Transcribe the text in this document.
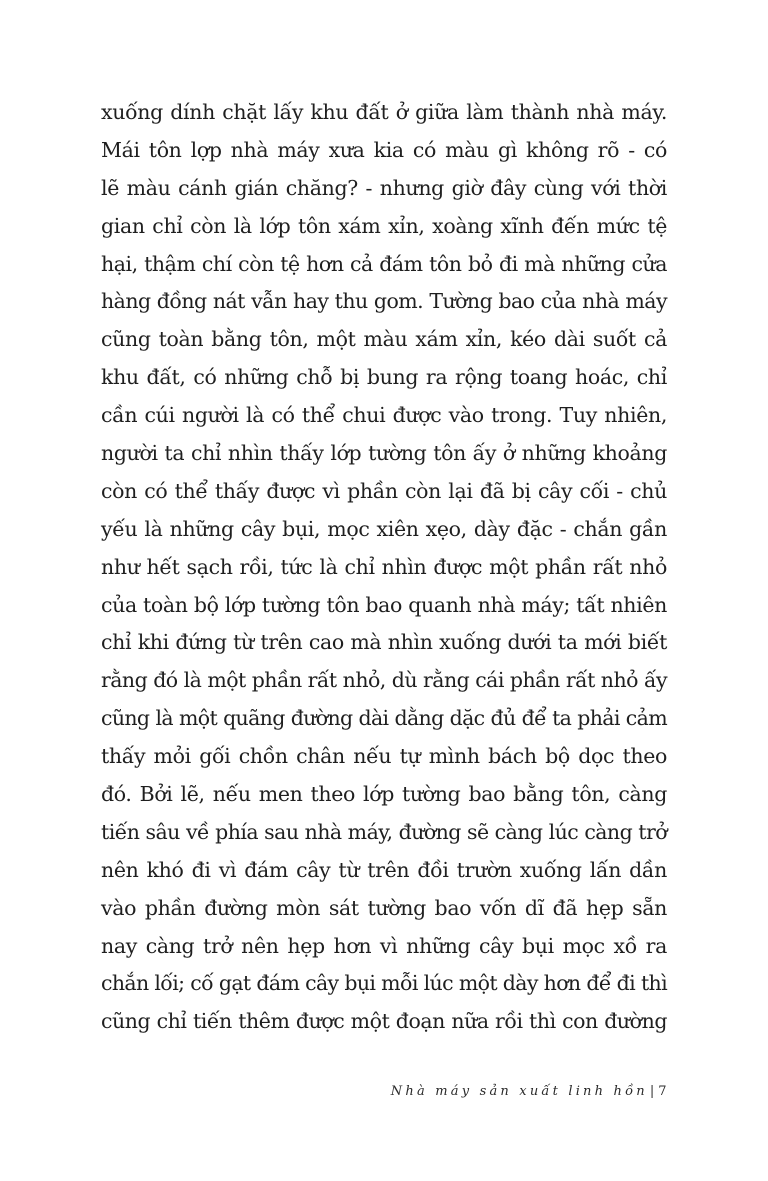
xuống dính chặt lấy khu đất ở giữa làm thành nhà máy.
Mái tôn lợp nhà máy xưa kia có màu gì không rõ - có
lẽ màu cánh gián chăng? - nhưng giờ đây cùng với thời
gian chỉ còn là lớp tôn xám xỉn, xoàng xĩnh đến mức tệ
hại, thậm chí còn tệ hơn cả đám tôn bỏ đi mà những cửa
hàng đồng nát vẫn hay thu gom. Tường bao của nhà máy
cũng toàn bằng tôn, một màu xám xỉn, kéo dài suốt cả
khu đất, có những chỗ bị bung ra rộng toang hoác, chỉ
cần cúi người là có thể chui được vào trong. Tuy nhiên,
người ta chỉ nhìn thấy lớp tường tôn ấy ở những khoảng
còn có thể thấy được vì phần còn lại đã bị cây cối - chủ
yếu là những cây bụi, mọc xiên xẹo, dày đặc - chắn gần
như hết sạch rồi, tức là chỉ nhìn được một phần rất nhỏ
của toàn bộ lớp tường tôn bao quanh nhà máy; tất nhiên
chỉ khi đứng từ trên cao mà nhìn xuống dưới ta mới biết
rằng đó là một phần rất nhỏ, dù rằng cái phần rất nhỏ ấy
cũng là một quãng đường dài dằng dặc đủ để ta phải cảm
thấy mỏi gối chồn chân nếu tự mình bách bộ dọc theo
đó. Bởi lẽ, nếu men theo lớp tường bao bằng tôn, càng
tiến sâu về phía sau nhà máy, đường sẽ càng lúc càng trở
nên khó đi vì đám cây từ trên đồi trườn xuống lấn dần
vào phần đường mòn sát tường bao vốn dĩ đã hẹp sẵn
nay càng trở nên hẹp hơn vì những cây bụi mọc xồ ra
chắn lối; cố gạt đám cây bụi mỗi lúc một dày hơn để đi thì
cũng chỉ tiến thêm được một đoạn nữa rồi thì con đường
Nhà máy sản xuất linh hồn | 7
